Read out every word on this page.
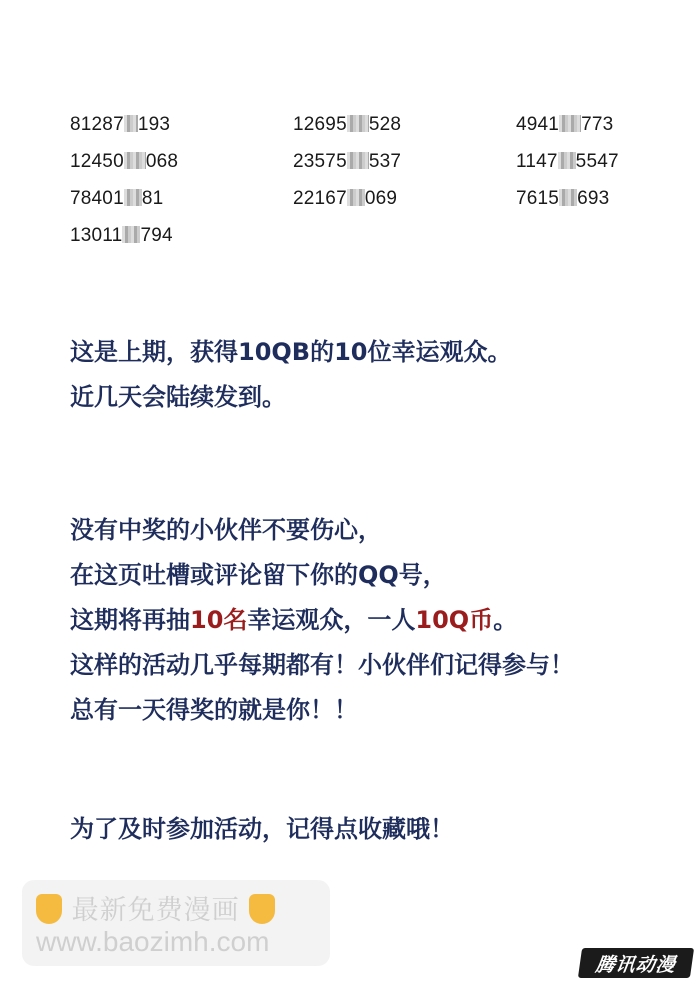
81287 193	12695 528	4941 773
12450 068	23575 537	1147 5547
78401 81	22167 069	7615 693
13011 794
这是上期，获得10QB的10位幸运观众。
近几天会陆续发到。
没有中奖的小伙伴不要伤心，
在这页吐槽或评论留下你的QQ号，
这期将再抽10名幸运观众，一人10Q币。
这样的活动几乎每期都有！小伙伴们记得参与！
总有一天得奖的就是你！！
为了及时参加活动，记得点收藏哦！
最新免费漫画
www.baozimh.com
腾讯动漫
